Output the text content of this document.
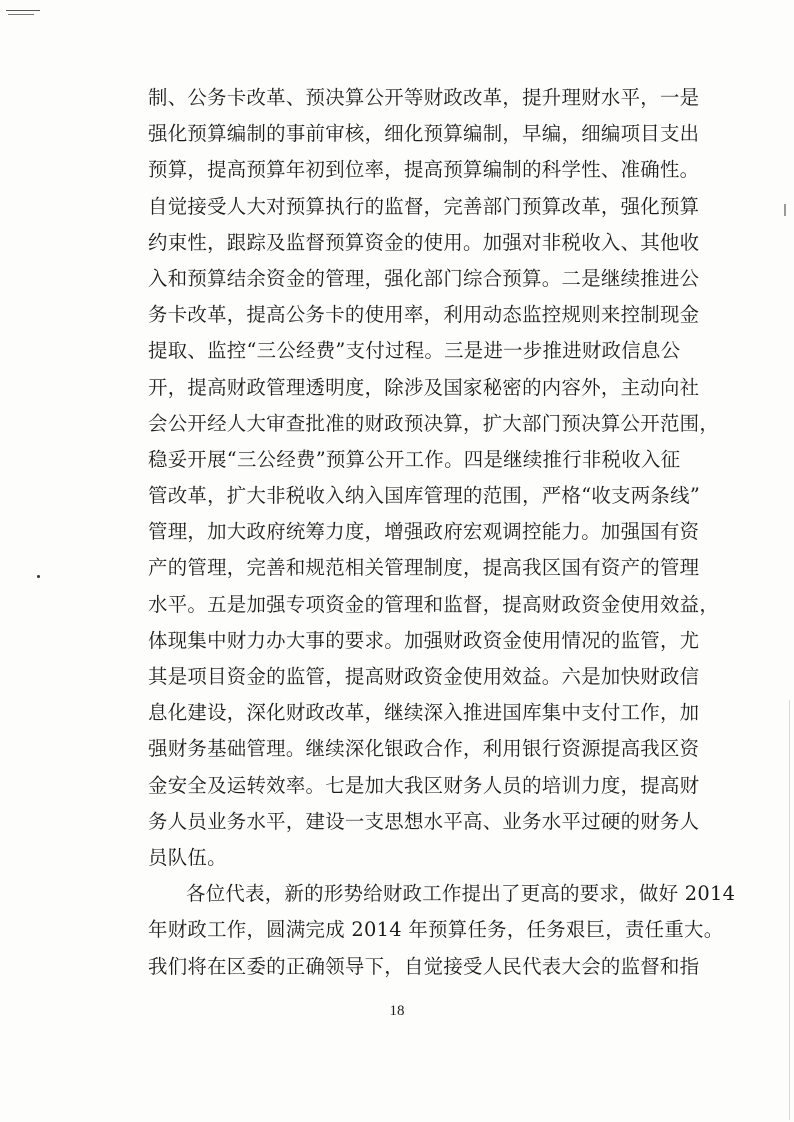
制、公务卡改革、预决算公开等财政改革，提升理财水平，一是
强化预算编制的事前审核，细化预算编制，早编，细编项目支出
预算，提高预算年初到位率，提高预算编制的科学性、准确性。
自觉接受人大对预算执行的监督，完善部门预算改革，强化预算
约束性，跟踪及监督预算资金的使用。加强对非税收入、其他收
入和预算结余资金的管理，强化部门综合预算。二是继续推进公
务卡改革，提高公务卡的使用率，利用动态监控规则来控制现金
提取、监控“三公经费”支付过程。三是进一步推进财政信息公
开，提高财政管理透明度，除涉及国家秘密的内容外，主动向社
会公开经人大审查批准的财政预决算，扩大部门预决算公开范围，
稳妥开展“三公经费”预算公开工作。四是继续推行非税收入征
管改革，扩大非税收入纳入国库管理的范围，严格“收支两条线”
管理，加大政府统筹力度，增强政府宏观调控能力。加强国有资
产的管理，完善和规范相关管理制度，提高我区国有资产的管理
水平。五是加强专项资金的管理和监督，提高财政资金使用效益，
体现集中财力办大事的要求。加强财政资金使用情况的监管，尤
其是项目资金的监管，提高财政资金使用效益。六是加快财政信
息化建设，深化财政改革，继续深入推进国库集中支付工作，加
强财务基础管理。继续深化银政合作，利用银行资源提高我区资
金安全及运转效率。七是加大我区财务人员的培训力度，提高财
务人员业务水平，建设一支思想水平高、业务水平过硬的财务人
员队伍。
各位代表，新的形势给财政工作提出了更高的要求，做好 2014
年财政工作，圆满完成 2014 年预算任务，任务艰巨，责任重大。
我们将在区委的正确领导下，自觉接受人民代表大会的监督和指
18
